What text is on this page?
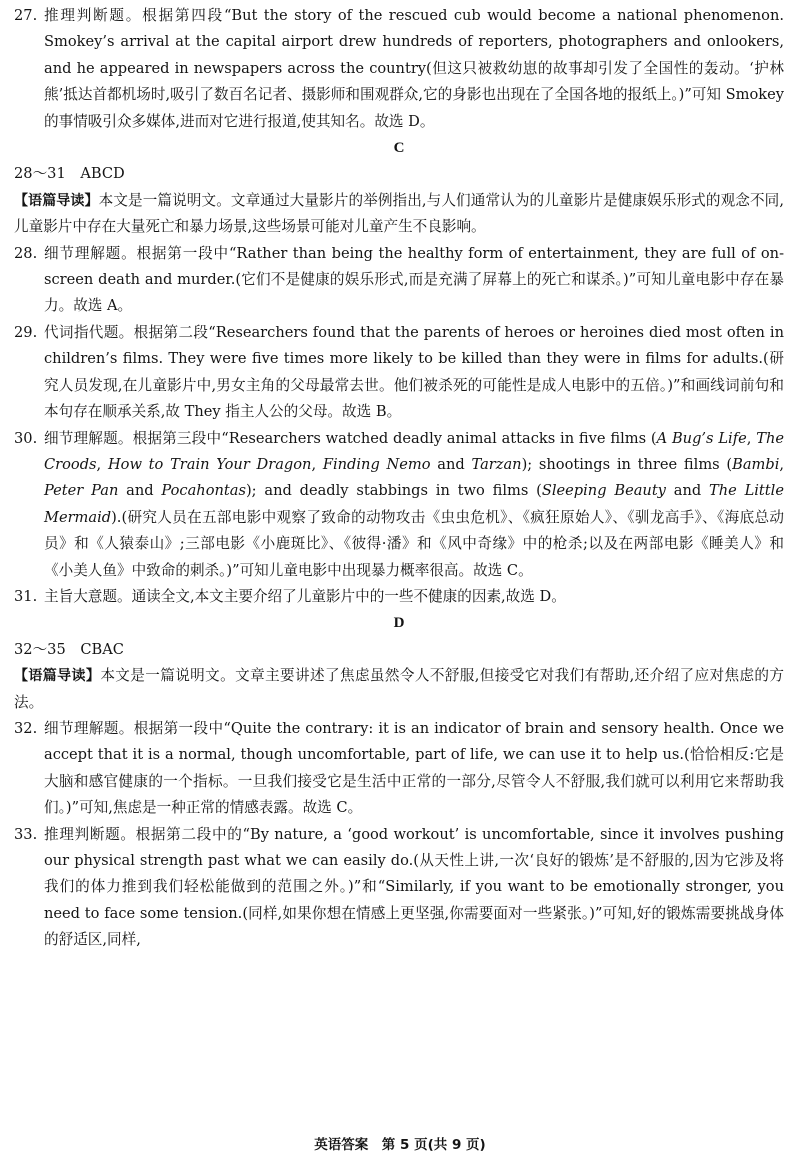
27. 推理判断题。根据第四段“But the story of the rescued cub would become a national phenomenon. Smokey’s arrival at the capital airport drew hundreds of reporters, photographers and onlookers, and he appeared in newspapers across the country(但这只被救幼崽的故事却引发了全国性的轰动。‘护林熊’抵达首都机场时,吸引了数百名记者、摄影师和围观群众,它的身影也出现在了全国各地的报纸上。)”可知 Smokey 的事情吸引众多媒体,进而对它进行报道,使其知名。故选 D。
C
28～31　ABCD
【语篇导读】本文是一篇说明文。文章通过大量影片的举例指出,与人们通常认为的儿童影片是健康娱乐形式的观念不同,儿童影片中存在大量死亡和暴力场景,这些场景可能对儿童产生不良影响。
28. 细节理解题。根据第一段中“Rather than being the healthy form of entertainment, they are full of on-screen death and murder.(它们不是健康的娱乐形式,而是充满了屏幕上的死亡和谋杀。)”可知儿童电影中存在暴力。故选 A。
29. 代词指代题。根据第二段“Researchers found that the parents of heroes or heroines died most often in children’s films. They were five times more likely to be killed than they were in films for adults.(研究人员发现,在儿童影片中,男女主角的父母最常去世。他们被杀死的可能性是成人电影中的五倍。)”和画线词前句和本句存在顺承关系,故 They 指主人公的父母。故选 B。
30. 细节理解题。根据第三段中“Researchers watched deadly animal attacks in five films (A Bug’s Life, The Croods, How to Train Your Dragon, Finding Nemo and Tarzan); shootings in three films (Bambi, Peter Pan and Pocahontas); and deadly stabbings in two films (Sleeping Beauty and The Little Mermaid).(研究人员在五部电影中观察了致命的动物攻击《虫虫危机》、《疯狂原始人》、《驯龙高手》、《海底总动员》和《人猿泰山》;三部电影《小鹿斑比》、《彼得·潘》和《风中奇缘》中的枪杀;以及在两部电影《睡美人》和《小美人鱼》中致命的刺杀。)”可知儿童电影中出现暴力概率很高。故选 C。
31. 主旨大意题。通读全文,本文主要介绍了儿童影片中的一些不健康的因素,故选 D。
D
32～35　CBAC
【语篇导读】本文是一篇说明文。文章主要讲述了焦虑虽然令人不舒服,但接受它对我们有帮助,还介绍了应对焦虑的方法。
32. 细节理解题。根据第一段中“Quite the contrary: it is an indicator of brain and sensory health. Once we accept that it is a normal, though uncomfortable, part of life, we can use it to help us.(恰恰相反:它是大脑和感官健康的一个指标。一旦我们接受它是生活中正常的一部分,尽管令人不舒服,我们就可以利用它来帮助我们。)”可知,焦虑是一种正常的情感表露。故选 C。
33. 推理判断题。根据第二段中的“By nature, a ‘good workout’ is uncomfortable, since it involves pushing our physical strength past what we can easily do.(从天性上讲,一次‘良好的锻炼’是不舒服的,因为它涉及将我们的体力推到我们轻松能做到的范围之外。)”和“Similarly, if you want to be emotionally stronger, you need to face some tension.(同样,如果你想在情感上更坚强,你需要面对一些紧张。)”可知,好的锻炼需要挑战身体的舒适区,同样,
英语答案　第 5 页(共 9 页)
